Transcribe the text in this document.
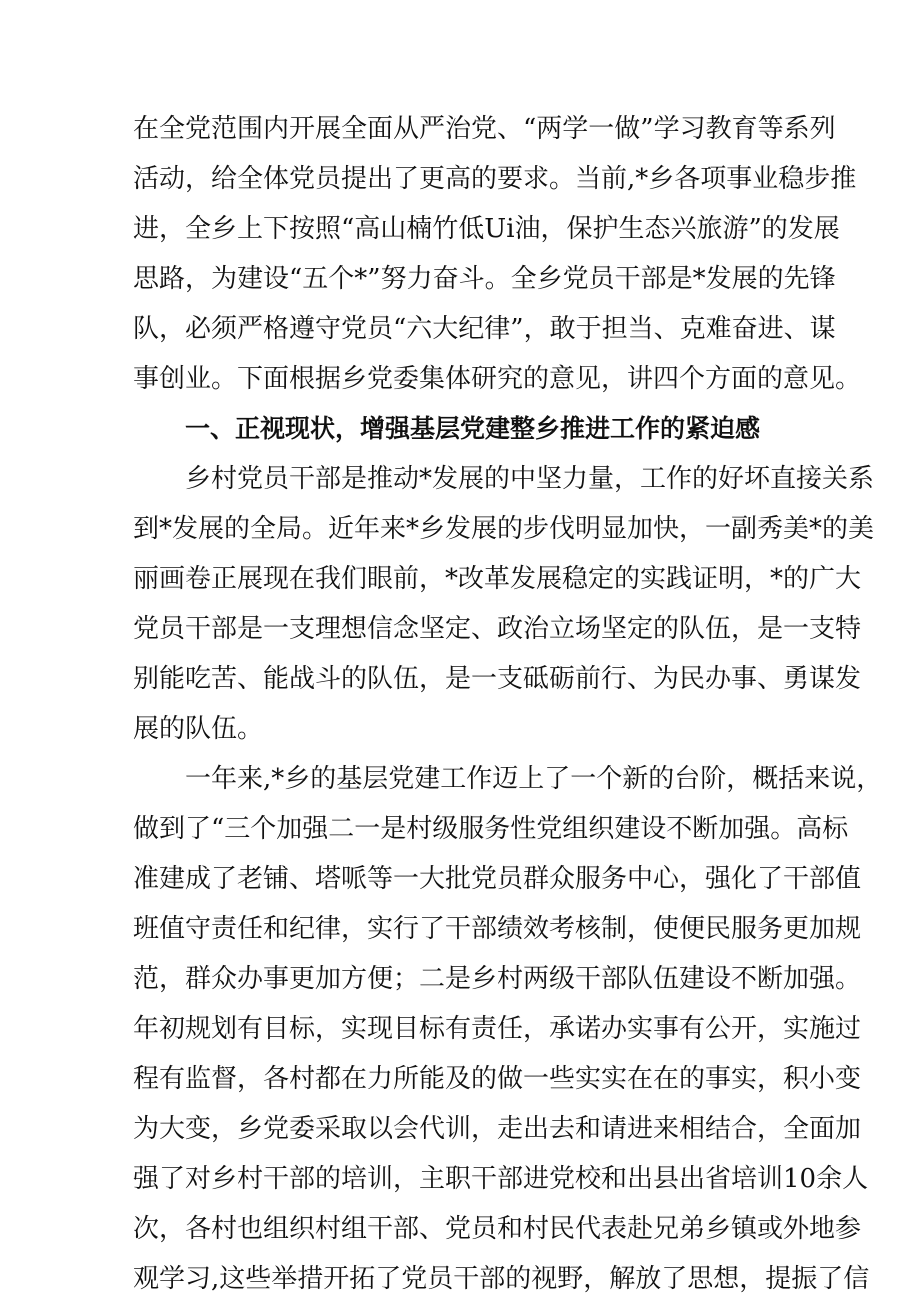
在全党范围内开展全面从严治党、“两学一做”学习教育等系列
活动，给全体党员提出了更高的要求。当前,*乡各项事业稳步推
进，全乡上下按照“高山楠竹低Ui油，保护生态兴旅游”的发展
思路，为建设“五个*”努力奋斗。全乡党员干部是*发展的先锋
队，必须严格遵守党员“六大纪律”，敢于担当、克难奋进、谋
事创业。下面根据乡党委集体研究的意见，讲四个方面的意见。
一、正视现状，增强基层党建整乡推进工作的紧迫感
乡村党员干部是推动*发展的中坚力量，工作的好坏直接关系
到*发展的全局。近年来*乡发展的步伐明显加快，一副秀美*的美
丽画卷正展现在我们眼前，*改革发展稳定的实践证明，*的广大
党员干部是一支理想信念坚定、政治立场坚定的队伍，是一支特
别能吃苦、能战斗的队伍，是一支砥砺前行、为民办事、勇谋发
展的队伍。
一年来,*乡的基层党建工作迈上了一个新的台阶，概括来说，
做到了“三个加强二一是村级服务性党组织建设不断加强。高标
准建成了老铺、塔哌等一大批党员群众服务中心，强化了干部值
班值守责任和纪律，实行了干部绩效考核制，使便民服务更加规
范，群众办事更加方便；二是乡村两级干部队伍建设不断加强。
年初规划有目标，实现目标有责任，承诺办实事有公开，实施过
程有监督，各村都在力所能及的做一些实实在在的事实，积小变
为大变，乡党委采取以会代训，走出去和请进来相结合，全面加
强了对乡村干部的培训，主职干部进党校和出县出省培训10余人
次，各村也组织村组干部、党员和村民代表赴兄弟乡镇或外地参
观学习,这些举措开拓了党员干部的视野，解放了思想，提振了信
